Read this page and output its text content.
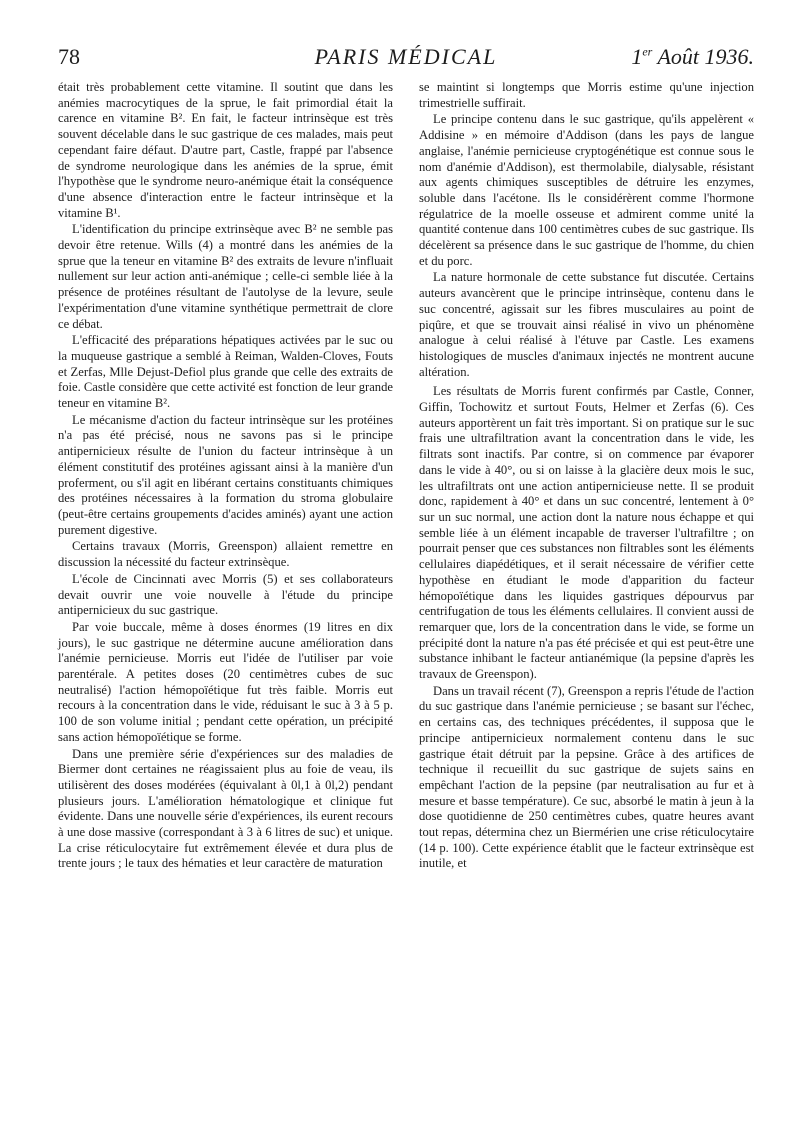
78	PARIS MÉDICAL	1er Août 1936.

était très probablement cette vitamine. Il soutint que dans les anémies macrocytiques de la sprue, le fait primordial était la carence en vitamine B². En fait, le facteur intrinsèque est très souvent décelable dans le suc gastrique de ces malades, mais peut cependant faire défaut. D'autre part, Castle, frappé par l'absence de syndrome neurologique dans les anémies de la sprue, émit l'hypothèse que le syndrome neuro-anémique était la conséquence d'une absence d'interaction entre le facteur intrinsèque et la vitamine B¹.

L'identification du principe extrinsèque avec B² ne semble pas devoir être retenue. Wills (4) a montré dans les anémies de la sprue que la teneur en vitamine B² des extraits de levure n'influait nullement sur leur action anti-anémique ; celle-ci semble liée à la présence de protéines résultant de l'autolyse de la levure, seule l'expérimentation d'une vitamine synthétique permettrait de clore ce débat.

L'efficacité des préparations hépatiques activées par le suc ou la muqueuse gastrique a semblé à Reiman, Walden-Cloves, Fouts et Zerfas, Mlle Dejust-Defiol plus grande que celle des extraits de foie. Castle considère que cette activité est fonction de leur grande teneur en vitamine B².

Le mécanisme d'action du facteur intrinsèque sur les protéines n'a pas été précisé, nous ne savons pas si le principe antipernicieux résulte de l'union du facteur intrinsèque à un élément constitutif des protéines agissant ainsi à la manière d'un proferment, ou s'il agit en libérant certains constituants chimiques des protéines nécessaires à la formation du stroma globulaire (peut-être certains groupements d'acides aminés) ayant une action purement digestive.

Certains travaux (Morris, Greenspon) allaient remettre en discussion la nécessité du facteur extrinsèque.

L'école de Cincinnati avec Morris (5) et ses collaborateurs devait ouvrir une voie nouvelle à l'étude du principe antipernicieux du suc gastrique.

Par voie buccale, même à doses énormes (19 litres en dix jours), le suc gastrique ne détermine aucune amélioration dans l'anémie pernicieuse. Morris eut l'idée de l'utiliser par voie parentérale. A petites doses (20 centimètres cubes de suc neutralisé) l'action hémopoïétique fut très faible. Morris eut recours à la concentration dans le vide, réduisant le suc à 3 à 5 p. 100 de son volume initial ; pendant cette opération, un précipité sans action hémopoïétique se forme.

Dans une première série d'expériences sur des maladies de Biermer dont certaines ne réagissaient plus au foie de veau, ils utilisèrent des doses modérées (équivalant à 0l,1 à 0l,2) pendant plusieurs jours. L'amélioration hématologique et clinique fut évidente. Dans une nouvelle série d'expériences, ils eurent recours à une dose massive (correspondant à 3 à 6 litres de suc) et unique. La crise réticulocytaire fut extrêmement élevée et dura plus de trente jours ; le taux des hématies et leur caractère de maturation

se maintint si longtemps que Morris estime qu'une injection trimestrielle suffirait.

Le principe contenu dans le suc gastrique, qu'ils appelèrent « Addisine » en mémoire d'Addison (dans les pays de langue anglaise, l'anémie pernicieuse cryptogénétique est connue sous le nom d'anémie d'Addison), est thermolabile, dialysable, résistant aux agents chimiques susceptibles de détruire les enzymes, soluble dans l'acétone. Ils le considérèrent comme l'hormone régulatrice de la moelle osseuse et admirent comme unité la quantité contenue dans 100 centimètres cubes de suc gastrique. Ils décelèrent sa présence dans le suc gastrique de l'homme, du chien et du porc.

La nature hormonale de cette substance fut discutée. Certains auteurs avancèrent que le principe intrinsèque, contenu dans le suc concentré, agissait sur les fibres musculaires au point de piqûre, et que se trouvait ainsi réalisé in vivo un phénomène analogue à celui réalisé à l'étuve par Castle. Les examens histologiques de muscles d'animaux injectés ne montrent aucune altération.

Les résultats de Morris furent confirmés par Castle, Conner, Giffin, Tochowitz et surtout Fouts, Helmer et Zerfas (6). Ces auteurs apportèrent un fait très important. Si on pratique sur le suc frais une ultrafiltration avant la concentration dans le vide, les filtrats sont inactifs. Par contre, si on commence par évaporer dans le vide à 40°, ou si on laisse à la glacière deux mois le suc, les ultrafiltrats ont une action antipernicieuse nette. Il se produit donc, rapidement à 40° et dans un suc concentré, lentement à 0° sur un suc normal, une action dont la nature nous échappe et qui semble liée à un élément incapable de traverser l'ultrafiltre ; on pourrait penser que ces substances non filtrables sont les éléments cellulaires diapédétiques, et il serait nécessaire de vérifier cette hypothèse en étudiant le mode d'apparition du facteur hémopoïétique dans les liquides gastriques dépourvus par centrifugation de tous les éléments cellulaires. Il convient aussi de remarquer que, lors de la concentration dans le vide, se forme un précipité dont la nature n'a pas été précisée et qui est peut-être une substance inhibant le facteur antianémique (la pepsine d'après les travaux de Greenspon).

Dans un travail récent (7), Greenspon a repris l'étude de l'action du suc gastrique dans l'anémie pernicieuse ; se basant sur l'échec, en certains cas, des techniques précédentes, il supposa que le principe antipernicieux normalement contenu dans le suc gastrique était détruit par la pepsine. Grâce à des artifices de technique il recueillit du suc gastrique de sujets sains en empêchant l'action de la pepsine (par neutralisation au fur et à mesure et basse température). Ce suc, absorbé le matin à jeun à la dose quotidienne de 250 centimètres cubes, quatre heures avant tout repas, détermina chez un Biermérien une crise réticulocytaire (14 p. 100). Cette expérience établit que le facteur extrinsèque est inutile, et
